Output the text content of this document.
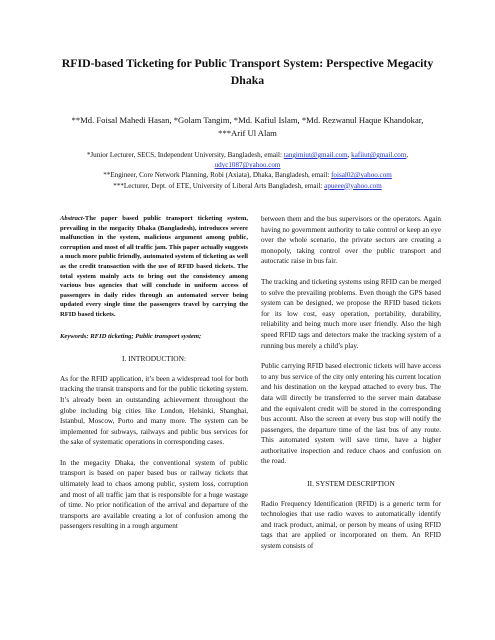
RFID-based Ticketing for Public Transport System: Perspective Megacity Dhaka
**Md. Foisal Mahedi Hasan, *Golam Tangim, *Md. Kafiul Islam, *Md. Rezwanul Haque Khandokar,
***Arif Ul Alam
*Junior Lecturer, SECS, Independent University, Bangladesh, email: tangimiut@gmail.com, kafiiut@gmail.com,
udyc1087@yahoo.com
**Engineer, Core Network Planning, Robi (Axiata), Dhaka, Bangladesh, email: foisal02@yahoo.com
***Lecturer, Dept. of ETE, University of Liberal Arts Bangladesh, email: apueee@yahoo.com
Abstract-The paper based public transport ticketing system, prevailing in the megacity Dhaka (Bangladesh), introduces severe malfunction in the system, malicious argument among public, corruption and most of all traffic jam. This paper actually suggests a much more public friendly, automated system of ticketing as well as the credit transaction with the use of RFID based tickets. The total system mainly acts to bring out the consistency among various bus agencies that will conclude in uniform access of passengers in daily rides through an automated server being updated every single time the passengers travel by carrying the RFID based tickets.
Keywords: RFID ticketing; Public transport system;
I. INTRODUCTION:

As for the RFID application, it’s been a widespread tool for both tracking the transit transports and for the public ticketing system. It’s already been an outstanding achievement throughout the globe including big cities like London, Helsinki, Shanghai, Istanbul, Moscow, Porto and many more. The system can be implemented for subways, railways and public bus services for the sake of systematic operations in corresponding cases.

In the megacity Dhaka, the conventional system of public transport is based on paper based bus or railway tickets that ultimately lead to chaos among public, system loss, corruption and most of all traffic jam that is responsible for a huge wastage of time. No prior notification of the arrival and departure of the transports are available creating a lot of confusion among the passengers resulting in a rough argument

between them and the bus supervisors or the operators. Again having no government authority to take control or keep an eye over the whole scenario, the private sectors are creating a monopoly, taking control over the public transport and autocratic raise in bus fair.

The tracking and ticketing systems using RFID can be merged to solve the prevailing problems. Even though the GPS based system can be designed, we propose the RFID based tickets for its low cost, easy operation, portability, durability, reliability and being much more user friendly. Also the high speed RFID tags and detectors make the tracking system of a running bus merely a child’s play.

Public carrying RFID based electronic tickets will have access to any bus service of the city only entering his current location and his destination on the keypad attached to every bus. The data will directly be transferred to the server main database and the equivalent credit will be stored in the corresponding bus account. Also the screen at every bus stop will notify the passengers, the departure time of the last bus of any route. This automated system will save time, have a higher authoritative inspection and reduce chaos and confusion on the road.

II. SYSTEM DESCRIPTION

Radio Frequency Identification (RFID) is a generic term for technologies that use radio waves to automatically identify and track product, animal, or person by means of using RFID tags that are applied or incorporated on them. An RFID system consists of
